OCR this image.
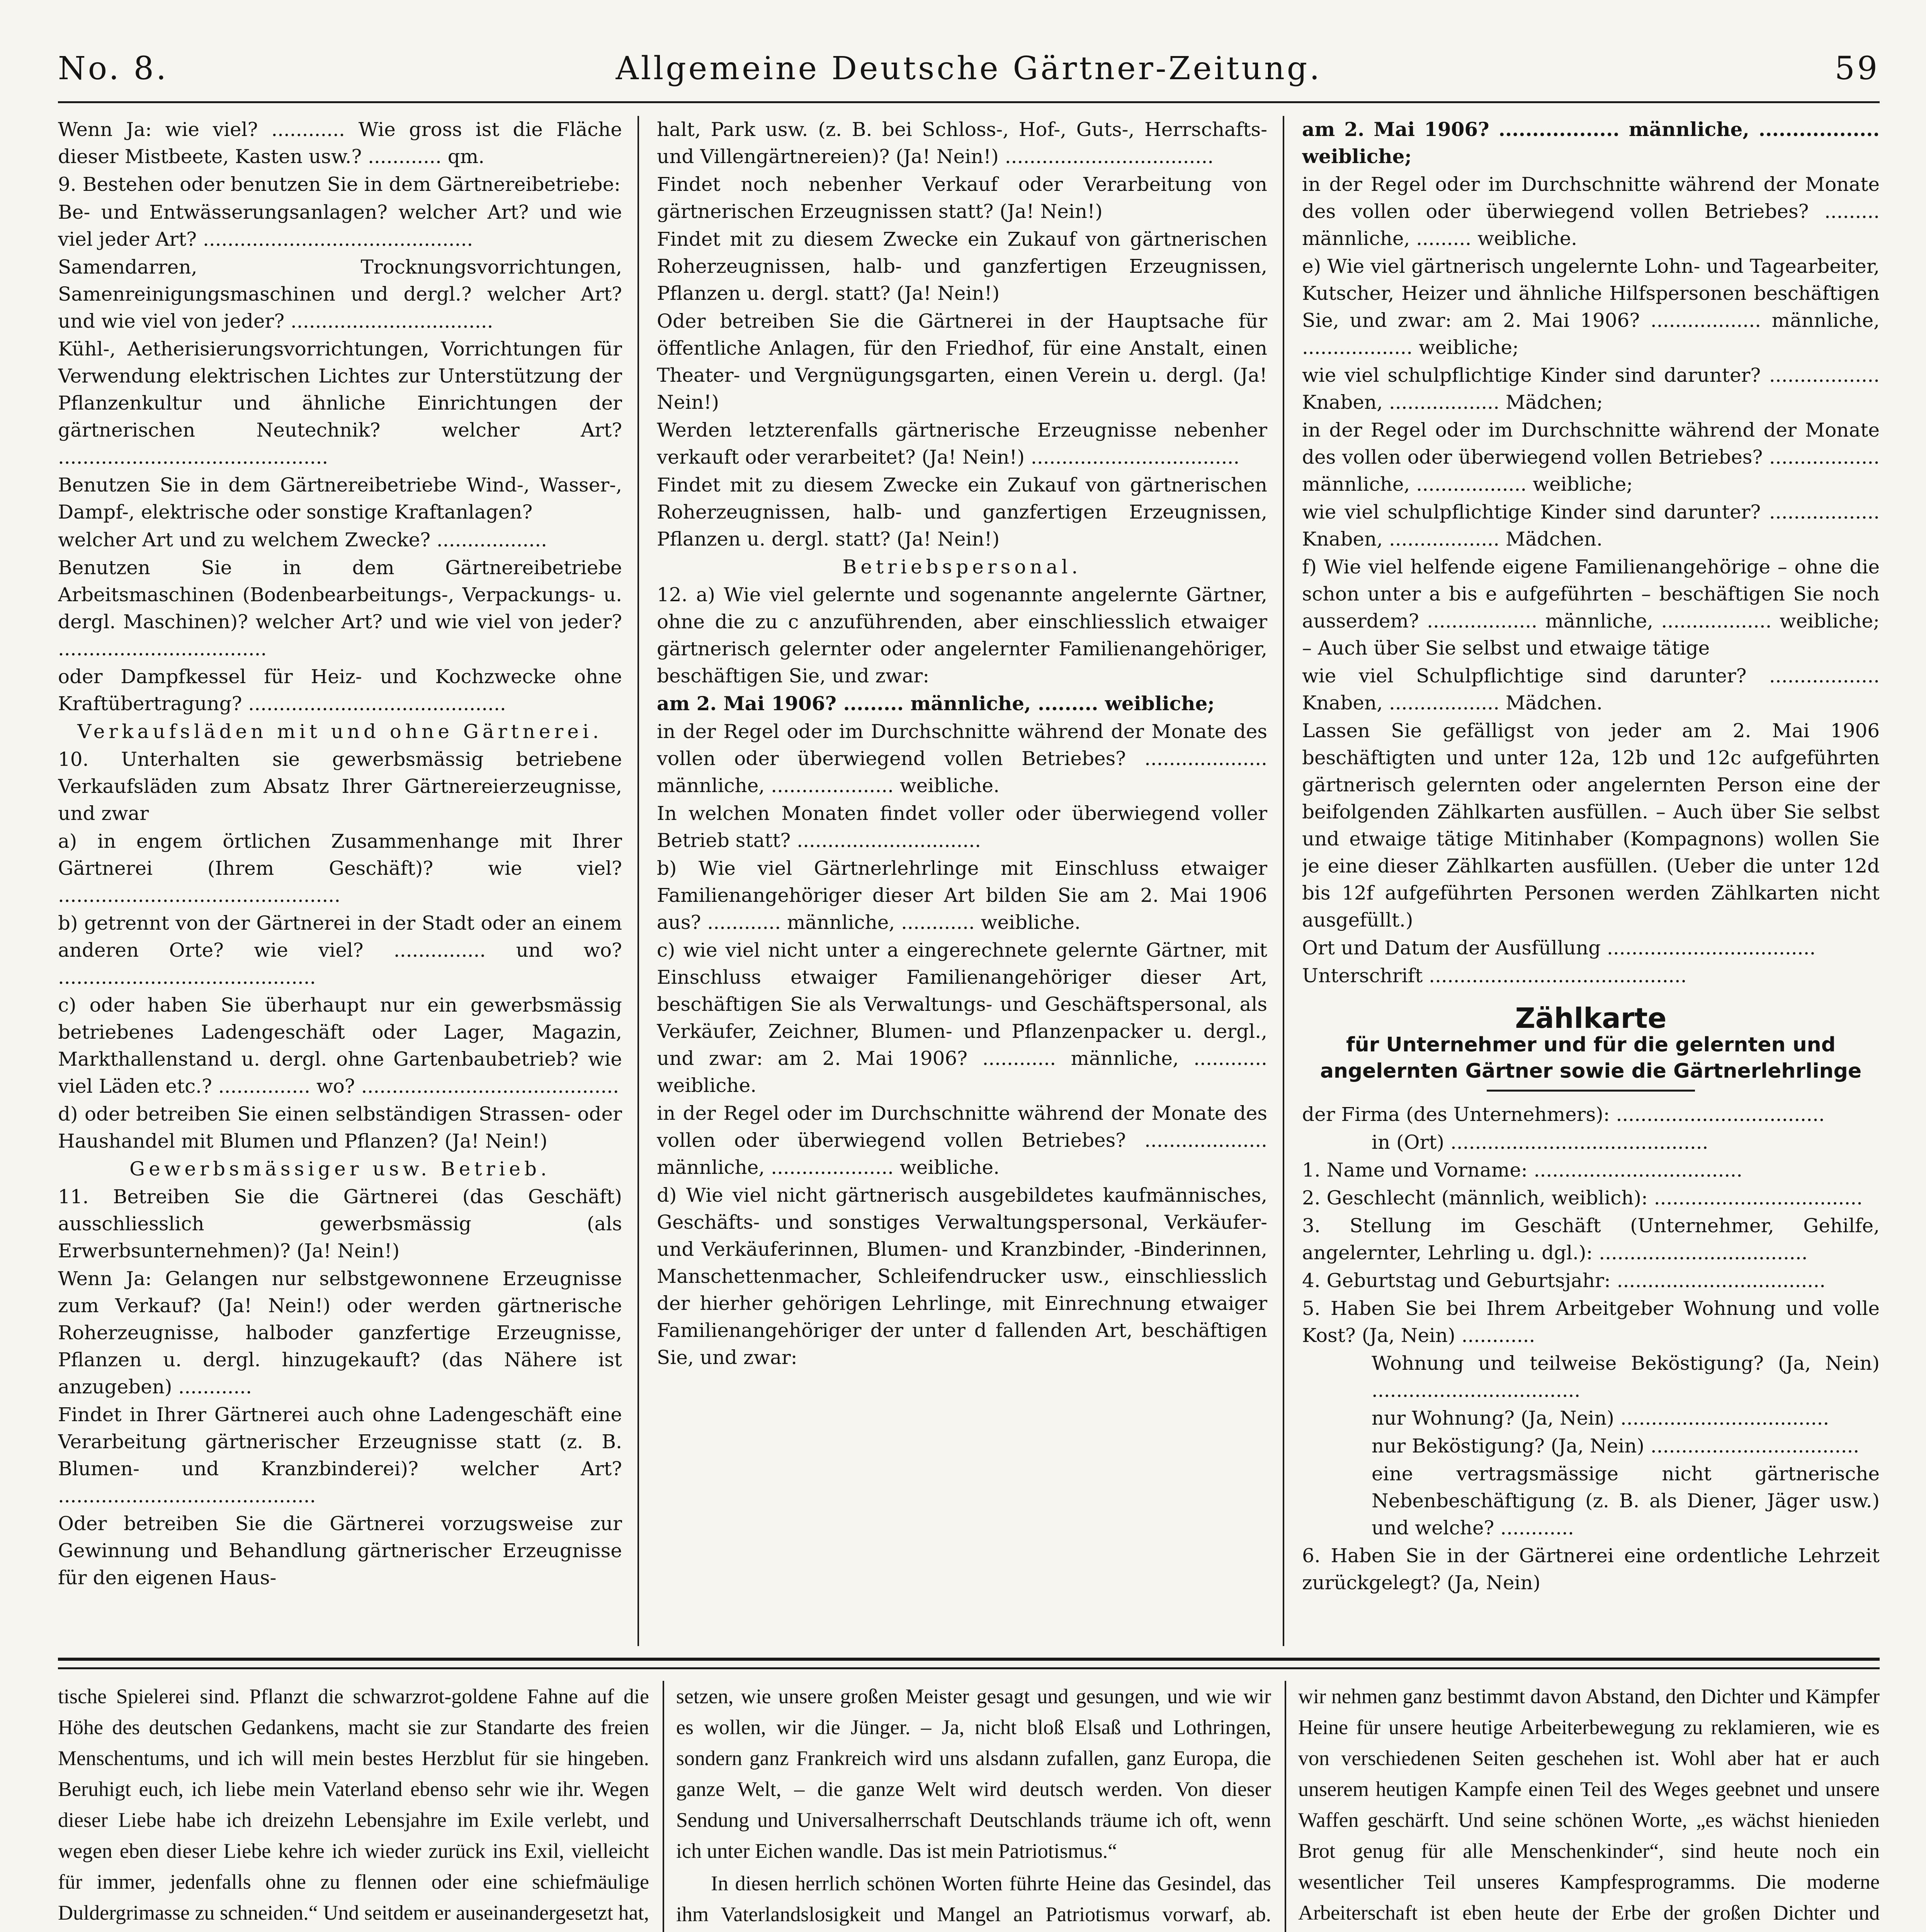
No. 8.	Allgemeine Deutsche Gärtner-Zeitung.	59

Wenn Ja: wie viel? ............ Wie gross ist die Fläche dieser Mistbeete, Kasten usw.? ............ qm.

9. Bestehen oder benutzen Sie in dem Gärtnereibetriebe:

Be- und Entwässerungsanlagen? welcher Art? und wie viel jeder Art? ............................................

Samendarren, Trocknungsvorrichtungen, Samenreinigungsmaschinen und dergl.? welcher Art? und wie viel von jeder? .................................

Kühl-, Aetherisierungsvorrichtungen, Vorrichtungen für Verwendung elektrischen Lichtes zur Unterstützung der Pflanzenkultur und ähnliche Einrichtungen der gärtnerischen Neutechnik? welcher Art? ............................................

Benutzen Sie in dem Gärtnereibetriebe Wind-, Wasser-, Dampf-, elektrische oder sonstige Kraftanlagen?

welcher Art und zu welchem Zwecke? ..................

Benutzen Sie in dem Gärtnereibetriebe Arbeitsmaschinen (Bodenbearbeitungs-, Verpackungs- u. dergl. Maschinen)? welcher Art? und wie viel von jeder? ..................................

oder Dampfkessel für Heiz- und Kochzwecke ohne Kraftübertragung? ..........................................

Verkaufsläden mit und ohne Gärtnerei.

10. Unterhalten sie gewerbsmässig betriebene Verkaufsläden zum Absatz Ihrer Gärtnereierzeugnisse, und zwar

a) in engem örtlichen Zusammenhange mit Ihrer Gärtnerei (Ihrem Geschäft)? wie viel? ..............................................

b) getrennt von der Gärtnerei in der Stadt oder an einem anderen Orte? wie viel? ............... und wo? ..........................................

c) oder haben Sie überhaupt nur ein gewerbsmässig betriebenes Ladengeschäft oder Lager, Magazin, Markthallenstand u. dergl. ohne Gartenbaubetrieb? wie viel Läden etc.? ............... wo? ..........................................

d) oder betreiben Sie einen selbständigen Strassen- oder Haushandel mit Blumen und Pflanzen? (Ja! Nein!)

Gewerbsmässiger usw. Betrieb.

11. Betreiben Sie die Gärtnerei (das Geschäft) ausschliesslich gewerbsmässig (als Erwerbsunternehmen)? (Ja! Nein!)

Wenn Ja: Gelangen nur selbstgewonnene Erzeugnisse zum Verkauf? (Ja! Nein!) oder werden gärtnerische Roherzeugnisse, halboder ganzfertige Erzeugnisse, Pflanzen u. dergl. hinzugekauft? (das Nähere ist anzugeben) ............

Findet in Ihrer Gärtnerei auch ohne Ladengeschäft eine Verarbeitung gärtnerischer Erzeugnisse statt (z. B. Blumen- und Kranzbinderei)? welcher Art? ..........................................

Oder betreiben Sie die Gärtnerei vorzugsweise zur Gewinnung und Behandlung gärtnerischer Erzeugnisse für den eigenen Haus-

halt, Park usw. (z. B. bei Schloss-, Hof-, Guts-, Herrschafts- und Villengärtnereien)? (Ja! Nein!) ..................................

Findet noch nebenher Verkauf oder Verarbeitung von gärtnerischen Erzeugnissen statt? (Ja! Nein!)

Findet mit zu diesem Zwecke ein Zukauf von gärtnerischen Roherzeugnissen, halb- und ganzfertigen Erzeugnissen, Pflanzen u. dergl. statt? (Ja! Nein!)

Oder betreiben Sie die Gärtnerei in der Hauptsache für öffentliche Anlagen, für den Friedhof, für eine Anstalt, einen Theater- und Vergnügungsgarten, einen Verein u. dergl. (Ja! Nein!)

Werden letzterenfalls gärtnerische Erzeugnisse nebenher verkauft oder verarbeitet? (Ja! Nein!) ..................................

Findet mit zu diesem Zwecke ein Zukauf von gärtnerischen Roherzeugnissen, halb- und ganzfertigen Erzeugnissen, Pflanzen u. dergl. statt? (Ja! Nein!)

Betriebspersonal.

12. a) Wie viel gelernte und sogenannte angelernte Gärtner, ohne die zu c anzuführenden, aber einschliesslich etwaiger gärtnerisch gelernter oder angelernter Familienangehöriger, beschäftigen Sie, und zwar:

am 2. Mai 1906? ......... männliche, ......... weibliche;

in der Regel oder im Durchschnitte während der Monate des vollen oder überwiegend vollen Betriebes? .................... männliche, .................... weibliche.

In welchen Monaten findet voller oder überwiegend voller Betrieb statt? ..............................

b) Wie viel Gärtnerlehrlinge mit Einschluss etwaiger Familienangehöriger dieser Art bilden Sie am 2. Mai 1906 aus? ............ männliche, ............ weibliche.

c) wie viel nicht unter a eingerechnete gelernte Gärtner, mit Einschluss etwaiger Familienangehöriger dieser Art, beschäftigen Sie als Verwaltungs- und Geschäftspersonal, als Verkäufer, Zeichner, Blumen- und Pflanzenpacker u. dergl., und zwar: am 2. Mai 1906? ............ männliche, ............ weibliche.

in der Regel oder im Durchschnitte während der Monate des vollen oder überwiegend vollen Betriebes? .................... männliche, .................... weibliche.

d) Wie viel nicht gärtnerisch ausgebildetes kaufmännisches, Geschäfts- und sonstiges Verwaltungspersonal, Verkäufer- und Verkäuferinnen, Blumen- und Kranzbinder, -Binderinnen, Manschettenmacher, Schleifendrucker usw., einschliesslich der hierher gehörigen Lehrlinge, mit Einrechnung etwaiger Familienangehöriger der unter d fallenden Art, beschäftigen Sie, und zwar:

am 2. Mai 1906? .................. männliche, .................. weibliche;

in der Regel oder im Durchschnitte während der Monate des vollen oder überwiegend vollen Betriebes? ......... männliche, ......... weibliche.

e) Wie viel gärtnerisch ungelernte Lohn- und Tagearbeiter, Kutscher, Heizer und ähnliche Hilfspersonen beschäftigen Sie, und zwar: am 2. Mai 1906? .................. männliche, .................. weibliche;

wie viel schulpflichtige Kinder sind darunter? .................. Knaben, .................. Mädchen;

in der Regel oder im Durchschnitte während der Monate des vollen oder überwiegend vollen Betriebes? .................. männliche, .................. weibliche;

wie viel schulpflichtige Kinder sind darunter? .................. Knaben, .................. Mädchen.

f) Wie viel helfende eigene Familienangehörige – ohne die schon unter a bis e aufgeführten – beschäftigen Sie noch ausserdem? .................. männliche, .................. weibliche; – Auch über Sie selbst und etwaige tätige

wie viel Schulpflichtige sind darunter? .................. Knaben, .................. Mädchen.

Lassen Sie gefälligst von jeder am 2. Mai 1906 beschäftigten und unter 12a, 12b und 12c aufgeführten gärtnerisch gelernten oder angelernten Person eine der beifolgenden Zählkarten ausfüllen. – Auch über Sie selbst und etwaige tätige Mitinhaber (Kompagnons) wollen Sie je eine dieser Zählkarten ausfüllen. (Ueber die unter 12d bis 12f aufgeführten Personen werden Zählkarten nicht ausgefüllt.)

Ort und Datum der Ausfüllung ..................................

Unterschrift ..........................................

Zählkarte
für Unternehmer und für die gelernten und angelernten Gärtner sowie die Gärtnerlehrlinge

der Firma (des Unternehmers): ..................................

in (Ort) ..........................................

1. Name und Vorname: ..................................

2. Geschlecht (männlich, weiblich): ..................................

3. Stellung im Geschäft (Unternehmer, Gehilfe, angelernter, Lehrling u. dgl.): ..................................

4. Geburtstag und Geburtsjahr: ..................................

5. Haben Sie bei Ihrem Arbeitgeber Wohnung und volle Kost? (Ja, Nein) ............

Wohnung und teilweise Beköstigung? (Ja, Nein) ..................................

nur Wohnung? (Ja, Nein) ..................................

nur Beköstigung? (Ja, Nein) ..................................

eine vertragsmässige nicht gärtnerische Nebenbeschäftigung (z. B. als Diener, Jäger usw.) und welche? ............

6. Haben Sie in der Gärtnerei eine ordentliche Lehrzeit zurückgelegt? (Ja, Nein)

tische Spielerei sind. Pflanzt die schwarzrot-goldene Fahne auf die Höhe des deutschen Gedankens, macht sie zur Standarte des freien Menschentums, und ich will mein bestes Herzblut für sie hingeben. Beruhigt euch, ich liebe mein Vaterland ebenso sehr wie ihr. Wegen dieser Liebe habe ich dreizehn Lebensjahre im Exile verlebt, und wegen eben dieser Liebe kehre ich wieder zurück ins Exil, vielleicht für immer, jedenfalls ohne zu flennen oder eine schiefmäulige Duldergrimasse zu schneiden.“ Und seitdem er auseinandergesetzt hat,

setzen, wie unsere großen Meister gesagt und gesungen, und wie wir es wollen, wir die Jünger. – Ja, nicht bloß Elsaß und Lothringen, sondern ganz Frankreich wird uns alsdann zufallen, ganz Europa, die ganze Welt, – die ganze Welt wird deutsch werden. Von dieser Sendung und Universalherrschaft Deutschlands träume ich oft, wenn ich unter Eichen wandle. Das ist mein Patriotismus.“

In diesen herrlich schönen Worten führte Heine das Gesindel, das ihm Vaterlandslosigkeit und Mangel an Patriotismus vorwarf, ab.

wir nehmen ganz bestimmt davon Abstand, den Dichter und Kämpfer Heine für unsere heutige Arbeiterbewegung zu reklamieren, wie es von verschiedenen Seiten geschehen ist. Wohl aber hat er auch unserem heutigen Kampfe einen Teil des Weges geebnet und unsere Waffen geschärft. Und seine schönen Worte, „es wächst hienieden Brot genug für alle Menschenkinder“, sind heute noch ein wesentlicher Teil unseres Kampfesprogramms. Die moderne Arbeiterschaft ist eben heute der Erbe der großen Dichter und
